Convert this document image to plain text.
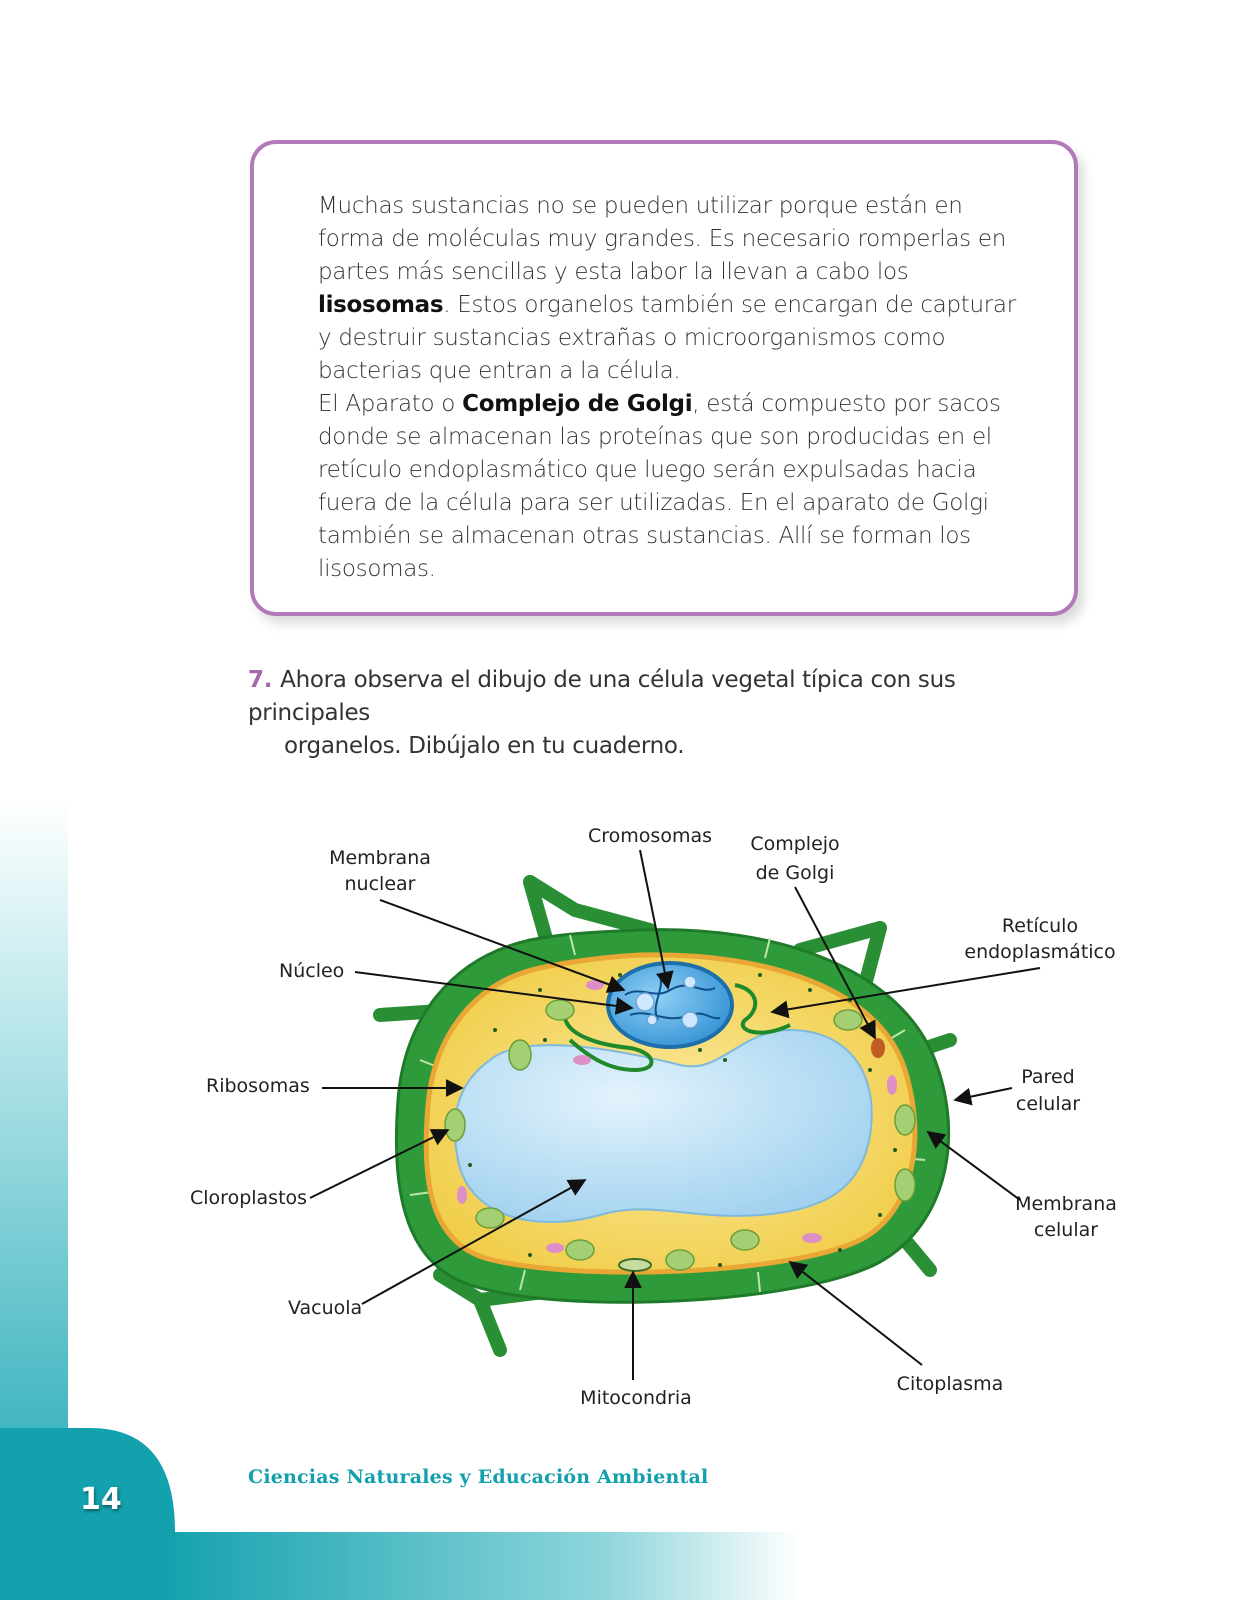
Muchas sustancias no se pueden utilizar porque están en forma de moléculas muy grandes. Es necesario romperlas en partes más sencillas y esta labor la llevan a cabo los lisosomas. Estos organelos también se encargan de capturar y destruir sustancias extrañas o microorganismos como bacterias que entran a la célula.

El Aparato o Complejo de Golgi, está compuesto por sacos donde se almacenan las proteínas que son producidas en el retículo endoplasmático que luego serán expulsadas hacia fuera de la célula para ser utilizadas. En el aparato de Golgi también se almacenan otras sustancias. Allí se forman los lisosomas.

7. Ahora observa el dibujo de una célula vegetal típica con sus principales
organelos. Dibújalo en tu cuaderno.
Membrana
nuclear
Cromosomas Complejo
de Golgi
Retículo
endoplasmático
Núcleo
Ribosomas	Pared
celular
Cloroplastos	Membrana
celular
Vacuola
Mitocondria
Citoplasma
Ciencias Naturales y Educación Ambiental
14
